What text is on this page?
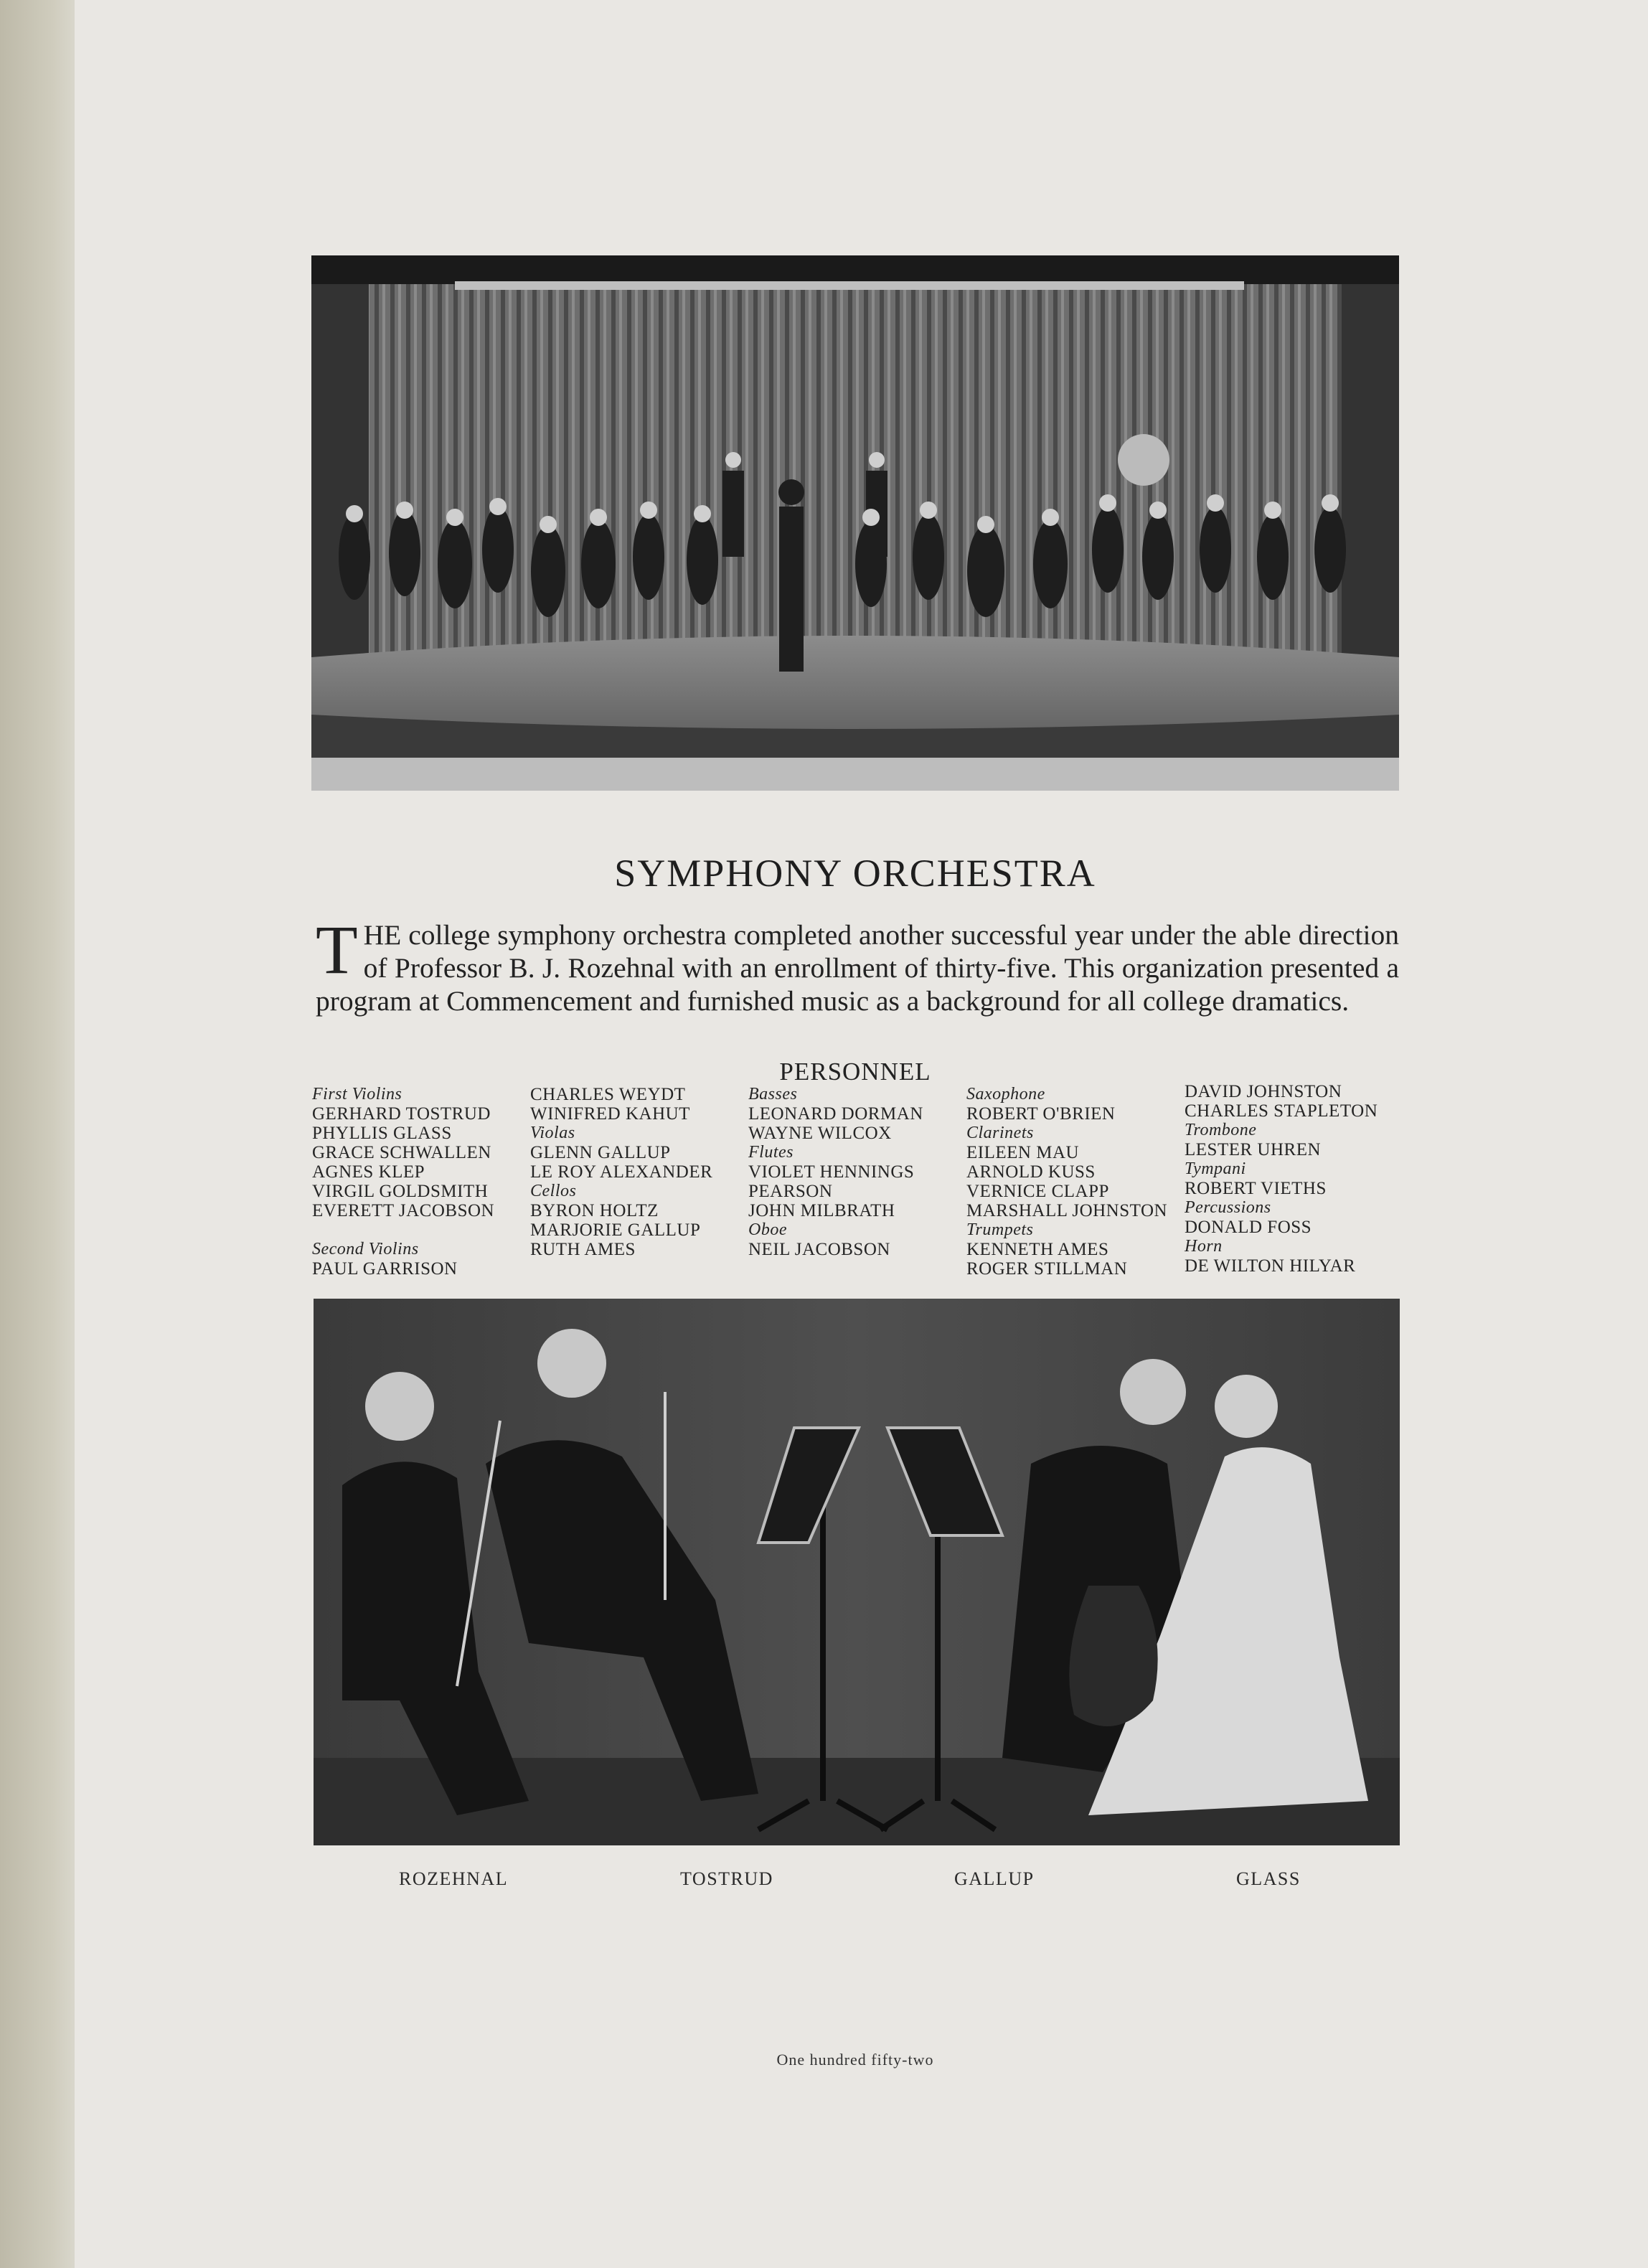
SYMPHONY ORCHESTRA
THE college symphony orchestra completed another successful year under the able direction of Professor B. J. Rozehnal with an enrollment of thirty-five. This organization presented a program at Commencement and furnished music as a background for all college dramatics.
PERSONNEL
First Violins
GERHARD TOSTRUD
PHYLLIS GLASS
GRACE SCHWALLEN
AGNES KLEP
VIRGIL GOLDSMITH
EVERETT JACOBSON
Second Violins
PAUL GARRISON
CHARLES WEYDT
WINIFRED KAHUT
Violas
GLENN GALLUP
LE ROY ALEXANDER
Cellos
BYRON HOLTZ
MARJORIE GALLUP
RUTH AMES
Basses
LEONARD DORMAN
WAYNE WILCOX
Flutes
VIOLET HENNINGS
PEARSON
JOHN MILBRATH
Oboe
NEIL JACOBSON
Saxophone
ROBERT O'BRIEN
Clarinets
EILEEN MAU
ARNOLD KUSS
VERNICE CLAPP
MARSHALL JOHNSTON
Trumpets
KENNETH AMES
ROGER STILLMAN
DAVID JOHNSTON
CHARLES STAPLETON
Trombone
LESTER UHREN
Tympani
ROBERT VIETHS
Percussions
DONALD FOSS
Horn
DE WILTON HILYAR
ROZEHNAL	TOSTRUD	GALLUP	GLASS
One hundred fifty-two
